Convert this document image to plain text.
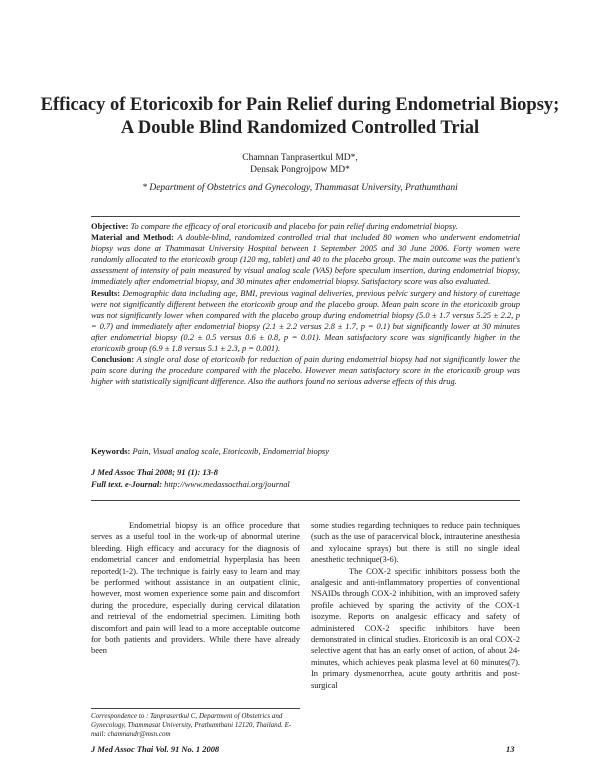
Efficacy of Etoricoxib for Pain Relief during Endometrial Biopsy; A Double Blind Randomized Controlled Trial
Chamnan Tanprasertkul MD*,
Densak Pongrojpow MD*
* Department of Obstetrics and Gynecology, Thammasat University, Prathumthani

Objective: To compare the efficacy of oral etoricoxib and placebo for pain relief during endometrial biopsy.

Material and Method: A double-blind, randomized controlled trial that included 80 women who underwent endometrial biopsy was done at Thammasat University Hospital between 1 September 2005 and 30 June 2006. Forty women were randomly allocated to the etoricoxib group (120 mg, tablet) and 40 to the placebo group. The main outcome was the patient's assessment of intensity of pain measured by visual analog scale (VAS) before speculum insertion, during endometrial biopsy, immediately after endometrial biopsy, and 30 minutes after endometrial biopsy. Satisfactory score was also evaluated.

Results: Demographic data including age, BMI, previous vaginal deliveries, previous pelvic surgery and history of curettage were not significantly different between the etoricoxib group and the placebo group. Mean pain score in the etoricoxib group was not significantly lower when compared with the placebo group during endometrial biopsy (5.0 ± 1.7 versus 5.25 ± 2.2, p = 0.7) and immediately after endometrial biopsy (2.1 ± 2.2 versus 2.8 ± 1.7, p = 0.1) but significantly lower at 30 minutes after endometrial biopsy (0.2 ± 0.5 versus 0.6 ± 0.8, p = 0.01). Mean satisfactory score was significantly higher in the etoricoxib group (6.9 ± 1.8 versus 5.1 ± 2.3, p = 0.001).

Conclusion: A single oral dose of etoricoxib for reduction of pain during endometrial biopsy had not significantly lower the pain score during the procedure compared with the placebo. However mean satisfactory score in the etoricoxib group was higher with statistically significant difference. Also the authors found no serious adverse effects of this drug.

Keywords: Pain, Visual analog scale, Etoricoxib, Endometrial biopsy
J Med Assoc Thai 2008; 91 (1): 13-8
Full text. e-Journal: http://www.medassocthai.org/journal

Endometrial biopsy is an office procedure that serves as a useful tool in the work-up of abnormal uterine bleeding. High efficacy and accuracy for the diagnosis of endometrial cancer and endometrial hyperplasia has been reported(1-2). The technique is fairly easy to learn and may be performed without assistance in an outpatient clinic, however, most women experience some pain and discomfort during the procedure, especially during cervical dilatation and retrieval of the endometrial specimen. Limiting both discomfort and pain will lead to a more acceptable outcome for both patients and providers. While there have already been

some studies regarding techniques to reduce pain techniques (such as the use of paracervical block, intrauterine anesthesia and xylocaine sprays) but there is still no single ideal anesthetic technique(3-6).

The COX-2 specific inhibitors possess both the analgesic and anti-inflammatory properties of conventional NSAIDs through COX-2 inhibition, with an improved safety profile achieved by sparing the activity of the COX-1 isozyme. Reports on analgesic efficacy and safety of administered COX-2 specific inhibitors have been demonstrated in clinical studies. Etoricoxib is an oral COX-2 selective agent that has an early onset of action, of about 24-minutes, which achieves peak plasma level at 60 minutes(7). In primary dysmenorrhea, acute gouty arthritis and post-surgical

Correspondence to : Tanprasertkul C, Department of Obstetrics and Gynecology, Thammasat University, Prathumthani 12120, Thailand. E-mail: chamnandr@msn.com
J Med Assoc Thai Vol. 91 No. 1 2008	13
